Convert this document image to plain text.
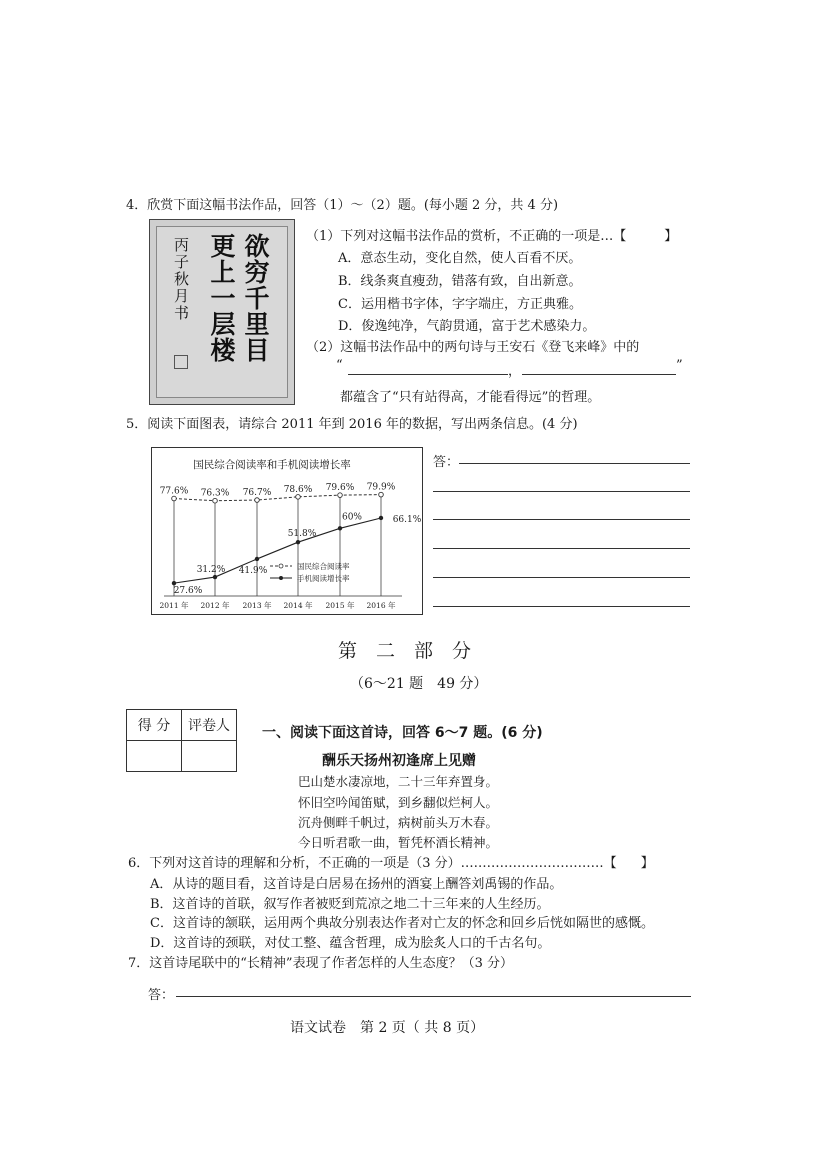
4．欣赏下面这幅书法作品，回答（1）～（2）题。(每小题 2 分，共 4 分)
欲穷千里目
更上一层楼
丙子秋月书
（1）下列对这幅书法作品的赏析，不正确的一项是…【	】
A．意态生动，变化自然，使人百看不厌。
B．线条爽直瘦劲，错落有致，自出新意。
C．运用楷书字体，字字端庄，方正典雅。
D．俊逸纯净，气韵贯通，富于艺术感染力。
（2）这幅书法作品中的两句诗与王安石《登飞来峰》中的
“	，	”
都蕴含了“只有站得高，才能看得远”的哲理。
5．阅读下面图表，请综合 2011 年到 2016 年的数据，写出两条信息。(4 分)
国民综合阅读率和手机阅读增长率
77.6% 76.3% 76.7% 78.6% 79.6% 79.9%
27.6%
31.2% 41.9%
51.8%
60%	66.1%
2011 年 2012 年 2013 年 2014 年 2015 年 2016 年
国民综合阅读率
手机阅读增长率
答：
第　二　部　分
（6～21 题　49 分）
得 分	评卷人
	一、阅读下面这首诗，回答 6～7 题。(6 分)
酬乐天扬州初逢席上见赠
巴山楚水凄凉地，二十三年弃置身。
怀旧空吟闻笛赋，到乡翻似烂柯人。
沉舟侧畔千帆过，病树前头万木春。
今日听君歌一曲，暂凭杯酒长精神。
6．下列对这首诗的理解和分析，不正确的一项是（3 分）……………………………【 】
A．从诗的题目看，这首诗是白居易在扬州的酒宴上酬答刘禹锡的作品。
B．这首诗的首联，叙写作者被贬到荒凉之地二十三年来的人生经历。
C．这首诗的颔联，运用两个典故分别表达作者对亡友的怀念和回乡后恍如隔世的感慨。
D．这首诗的颈联，对仗工整、蕴含哲理，成为脍炙人口的千古名句。
7．这首诗尾联中的“长精神”表现了作者怎样的人生态度？（3 分）
答：
语文试卷　第 2 页（ 共 8 页）
